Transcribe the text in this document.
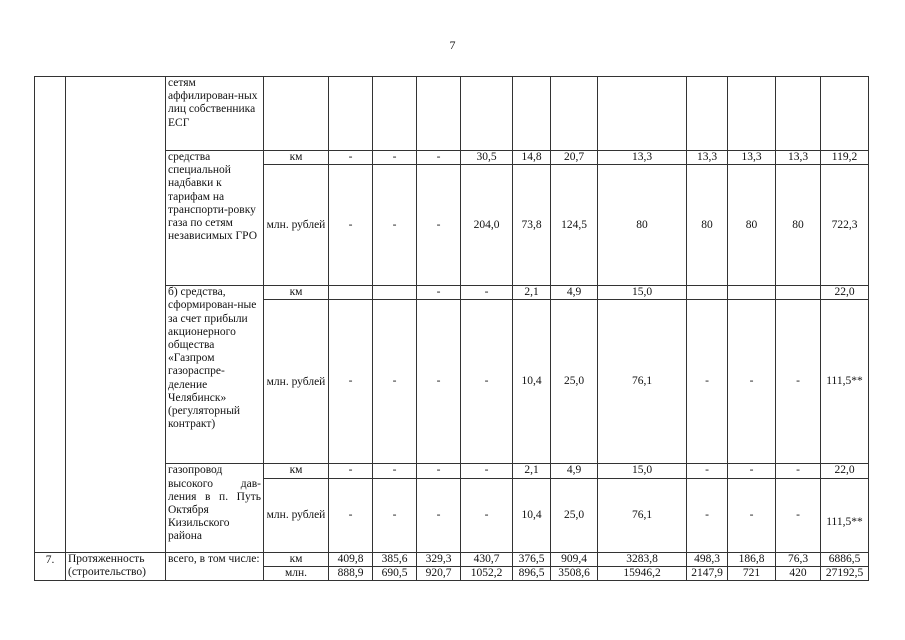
7
		сетям аффилирован-ных лиц собственника ЕСГ												
		средства специальной надбавки к тарифам на транспорти-ровку газа по сетям независимых ГРО	км	-	-	-	30,5	14,8	20,7	13,3	13,3	13,3	13,3	119,2
			млн. рублей	-	-	-	204,0	73,8	124,5	80	80	80	80	722,3
		б) средства, сформирован-ные за счет прибыли акционерного общества «Газпром газораспре-деление Челябинск» (регуляторный контракт)	км			-	-	2,1	4,9	15,0				22,0
			млн. рублей	-	-	-	-	10,4	25,0	76,1	-	-	-	111,5**
		газопровод высокого дав-ления в п. Путь Октября Кизильского района	км	-	-	-	-	2,1	4,9	15,0	-	-	-	22,0
			млн. рублей	-	-	-	-	10,4	25,0	76,1	-	-	-	111,5**
7.	Протяженность (строительство)	всего, в том числе:	км	409,8	385,6	329,3	430,7	376,5	909,4	3283,8	498,3	186,8	76,3	6886,5
			млн.	888,9	690,5	920,7	1052,2	896,5	3508,6	15946,2	2147,9	721	420	27192,5
